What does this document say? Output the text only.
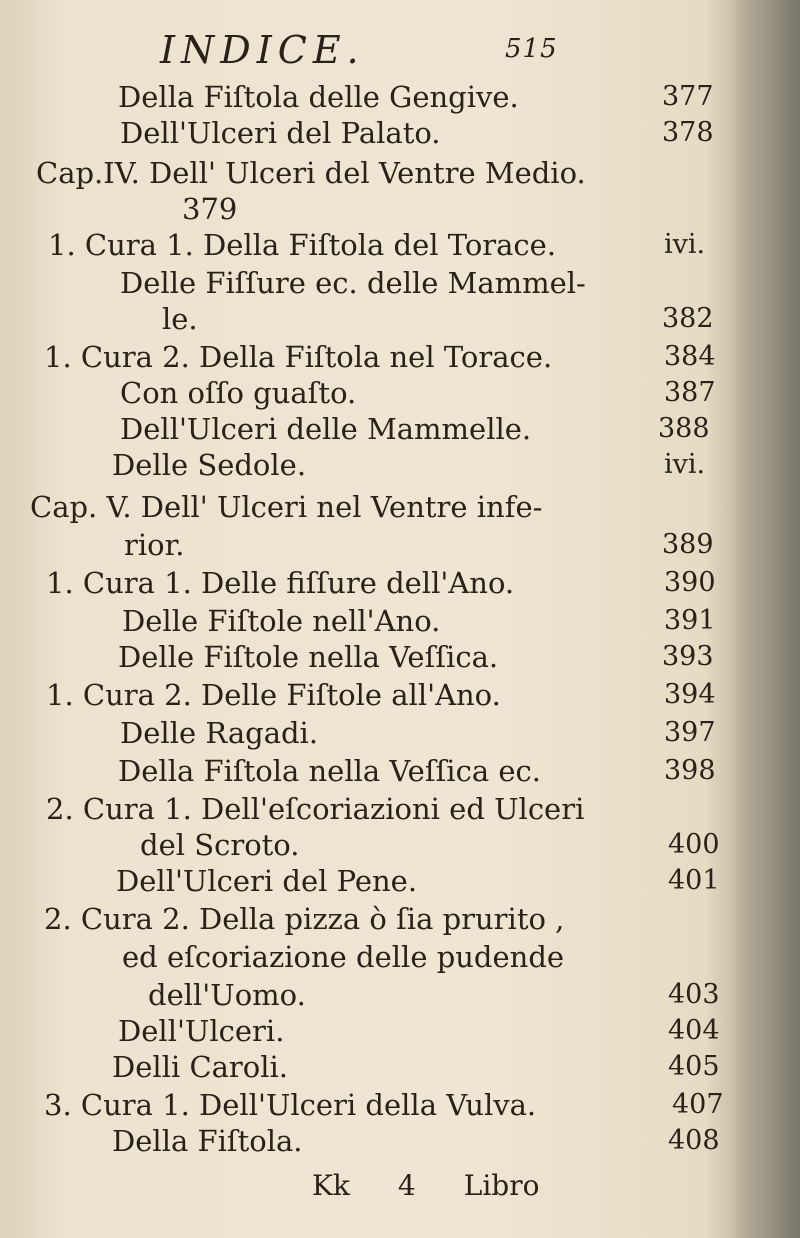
INDICE.	515
Della Fiſtola delle Gengive.	377
Dell'Ulceri del Palato.	378
Cap.IV. Dell' Ulceri del Ventre Medio.
379
1. Cura 1. Della Fiſtola del Torace.	ivi.
Delle Fiſſure ec. delle Mammel-
le.	382
1. Cura 2. Della Fiſtola nel Torace.	384
Con oſſo guaſto.	387
Dell'Ulceri delle Mammelle.	388
Delle Sedole.	ivi.
Cap. V. Dell' Ulceri nel Ventre infe-
rior.	389
1. Cura 1. Delle fiſſure dell'Ano.	390
Delle Fiſtole nell'Ano.	391
Delle Fiſtole nella Veſſica.	393
1. Cura 2. Delle Fiſtole all'Ano.	394
Delle Ragadi.	397
Della Fiſtola nella Veſſica ec.	398
2. Cura 1. Dell'eſcoriazioni ed Ulceri
del Scroto.	400
Dell'Ulceri del Pene.	401
2. Cura 2. Della pizza ò ſia prurito ,
ed eſcoriazione delle pudende
dell'Uomo.	403
Dell'Ulceri.	404
Delli Caroli.	405
3. Cura 1. Dell'Ulceri della Vulva.	407
Della Fiſtola.	408
Kk 4 Libro
